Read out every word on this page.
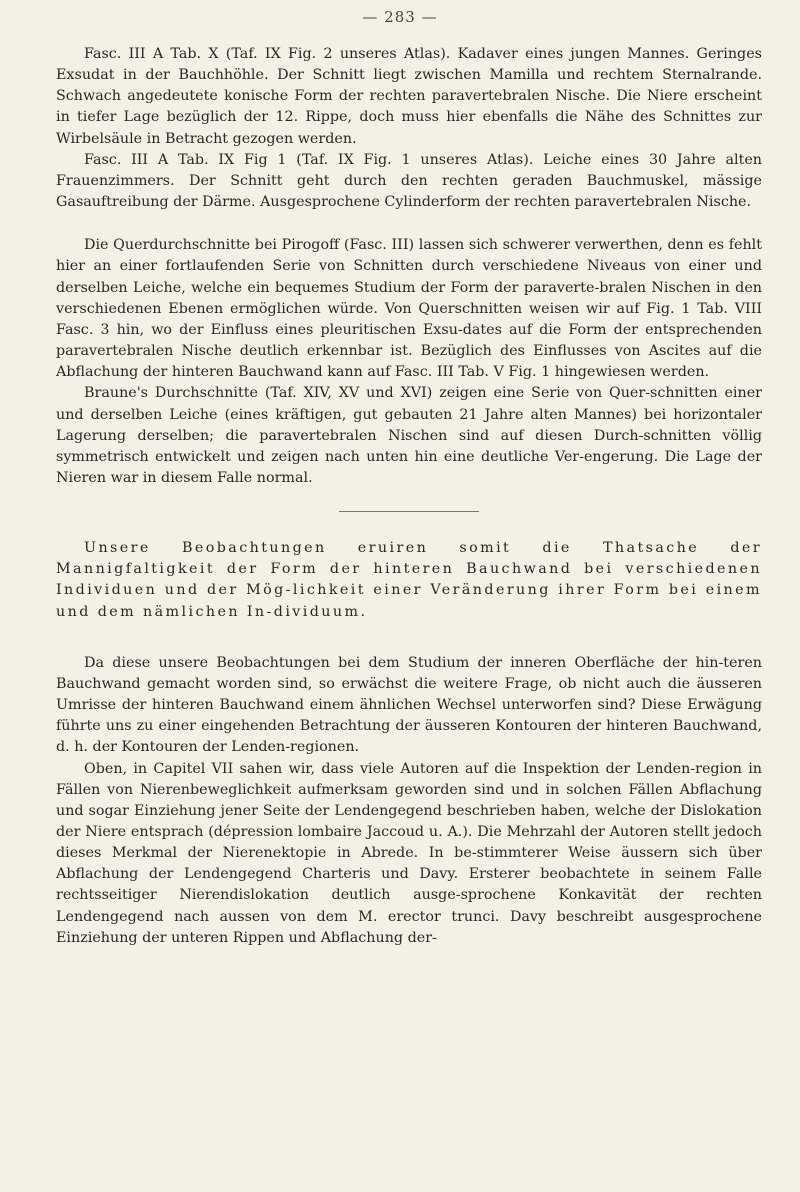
— 283 —

Fasc. III A Tab. X (Taf. IX Fig. 2 unseres Atlas). Kadaver eines jungen Mannes. Geringes Exsudat in der Bauchhöhle. Der Schnitt liegt zwischen Mamilla und rechtem Sternalrande. Schwach angedeutete konische Form der rechten paravertebralen Nische. Die Niere erscheint in tiefer Lage bezüglich der 12. Rippe, doch muss hier ebenfalls die Nähe des Schnittes zur Wirbelsäule in Betracht gezogen werden.

Fasc. III A Tab. IX Fig 1 (Taf. IX Fig. 1 unseres Atlas). Leiche eines 30 Jahre alten Frauenzimmers. Der Schnitt geht durch den rechten geraden Bauchmuskel, mässige Gasauftreibung der Därme. Ausgesprochene Cylinderform der rechten paravertebralen Nische.

Die Querdurchschnitte bei Pirogoff (Fasc. III) lassen sich schwerer verwerthen, denn es fehlt hier an einer fortlaufenden Serie von Schnitten durch verschiedene Niveaus von einer und derselben Leiche, welche ein bequemes Studium der Form der paraverte-bralen Nischen in den verschiedenen Ebenen ermöglichen würde. Von Querschnitten weisen wir auf Fig. 1 Tab. VIII Fasc. 3 hin, wo der Einfluss eines pleuritischen Exsu-dates auf die Form der entsprechenden paravertebralen Nische deutlich erkennbar ist. Bezüglich des Einflusses von Ascites auf die Abflachung der hinteren Bauchwand kann auf Fasc. III Tab. V Fig. 1 hingewiesen werden.

Braune's Durchschnitte (Taf. XIV, XV und XVI) zeigen eine Serie von Quer-schnitten einer und derselben Leiche (eines kräftigen, gut gebauten 21 Jahre alten Mannes) bei horizontaler Lagerung derselben; die paravertebralen Nischen sind auf diesen Durch-schnitten völlig symmetrisch entwickelt und zeigen nach unten hin eine deutliche Ver-engerung. Die Lage der Nieren war in diesem Falle normal.

Unsere Beobachtungen eruiren somit die Thatsache der Mannigfaltigkeit der Form der hinteren Bauchwand bei verschiedenen Individuen und der Mög-lichkeit einer Veränderung ihrer Form bei einem und dem nämlichen In-dividuum.

Da diese unsere Beobachtungen bei dem Studium der inneren Oberfläche der hin-teren Bauchwand gemacht worden sind, so erwächst die weitere Frage, ob nicht auch die äusseren Umrisse der hinteren Bauchwand einem ähnlichen Wechsel unterworfen sind? Diese Erwägung führte uns zu einer eingehenden Betrachtung der äusseren Kontouren der hinteren Bauchwand, d. h. der Kontouren der Lenden-regionen.

Oben, in Capitel VII sahen wir, dass viele Autoren auf die Inspektion der Lenden-region in Fällen von Nierenbeweglichkeit aufmerksam geworden sind und in solchen Fällen Abflachung und sogar Einziehung jener Seite der Lendengegend beschrieben haben, welche der Dislokation der Niere entsprach (dépression lombaire Jaccoud u. A.). Die Mehrzahl der Autoren stellt jedoch dieses Merkmal der Nierenektopie in Abrede. In be-stimmterer Weise äussern sich über Abflachung der Lendengegend Charteris und Davy. Ersterer beobachtete in seinem Falle rechtsseitiger Nierendislokation deutlich ausge-sprochene Konkavität der rechten Lendengegend nach aussen von dem M. erector trunci. Davy beschreibt ausgesprochene Einziehung der unteren Rippen und Abflachung der-
